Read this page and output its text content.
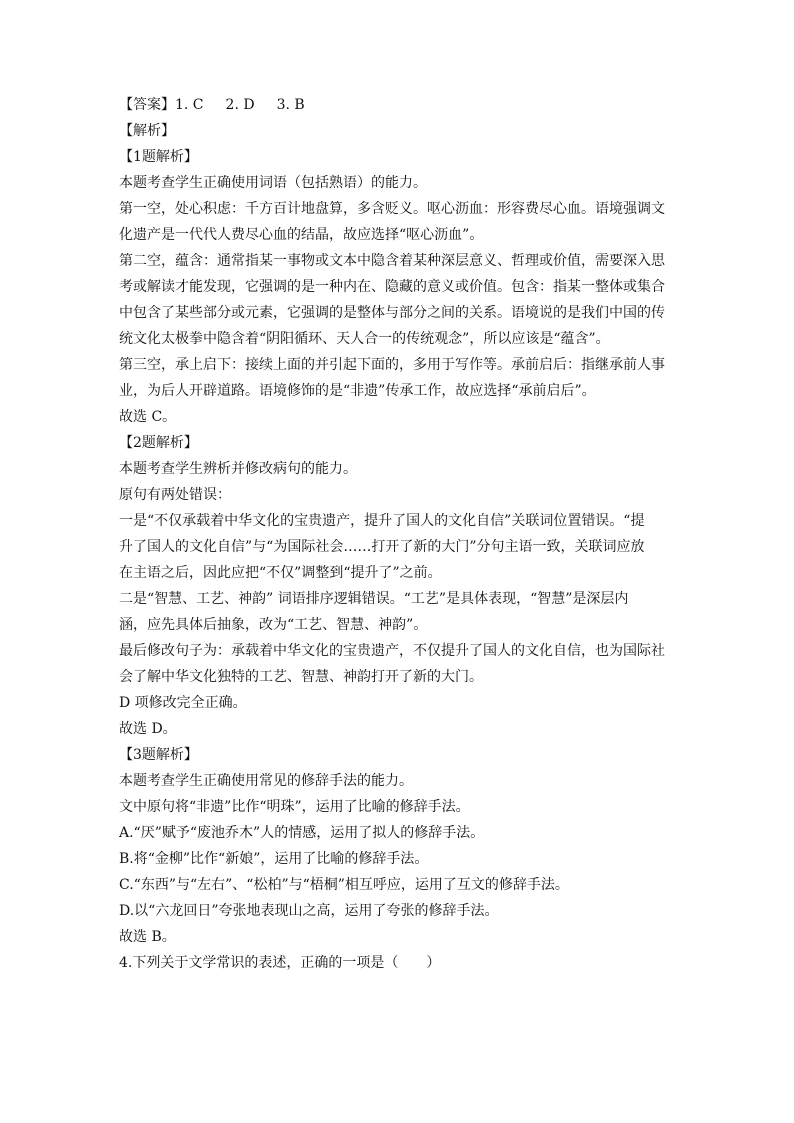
【答案】1. C 2. D 3. B
【解析】
【1题解析】
本题考查学生正确使用词语（包括熟语）的能力。
第一空，处心积虑：千方百计地盘算，多含贬义。呕心沥血：形容费尽心血。语境强调文
化遗产是一代代人费尽心血的结晶，故应选择“呕心沥血”。
第二空，蕴含：通常指某一事物或文本中隐含着某种深层意义、哲理或价值，需要深入思
考或解读才能发现，它强调的是一种内在、隐藏的意义或价值。包含：指某一整体或集合
中包含了某些部分或元素，它强调的是整体与部分之间的关系。语境说的是我们中国的传
统文化太极拳中隐含着“阴阳循环、天人合一的传统观念”，所以应该是“蕴含”。
第三空，承上启下：接续上面的并引起下面的，多用于写作等。承前启后：指继承前人事
业，为后人开辟道路。语境修饰的是“非遗”传承工作，故应选择“承前启后”。
故选 C。
【2题解析】
本题考查学生辨析并修改病句的能力。
原句有两处错误：
一是“不仅承载着中华文化的宝贵遗产，提升了国人的文化自信”关联词位置错误。“提
升了国人的文化自信”与“为国际社会……打开了新的大门”分句主语一致，关联词应放
在主语之后，因此应把“不仅”调整到“提升了”之前。
二是“智慧、工艺、神韵” 词语排序逻辑错误。“工艺”是具体表现，“智慧”是深层内
涵，应先具体后抽象，改为“工艺、智慧、神韵”。
最后修改句子为：承载着中华文化的宝贵遗产，不仅提升了国人的文化自信，也为国际社
会了解中华文化独特的工艺、智慧、神韵打开了新的大门。
D 项修改完全正确。
故选 D。
【3题解析】
本题考查学生正确使用常见的修辞手法的能力。
文中原句将“非遗”比作“明珠”，运用了比喻的修辞手法。
A.“厌”赋予“废池乔木”人的情感，运用了拟人的修辞手法。
B.将“金柳”比作“新娘”，运用了比喻的修辞手法。
C.“东西”与“左右”、“松柏”与“梧桐”相互呼应，运用了互文的修辞手法。
D.以“六龙回日”夸张地表现山之高，运用了夸张的修辞手法。
故选 B。
4.下列关于文学常识的表述，正确的一项是（　　）
